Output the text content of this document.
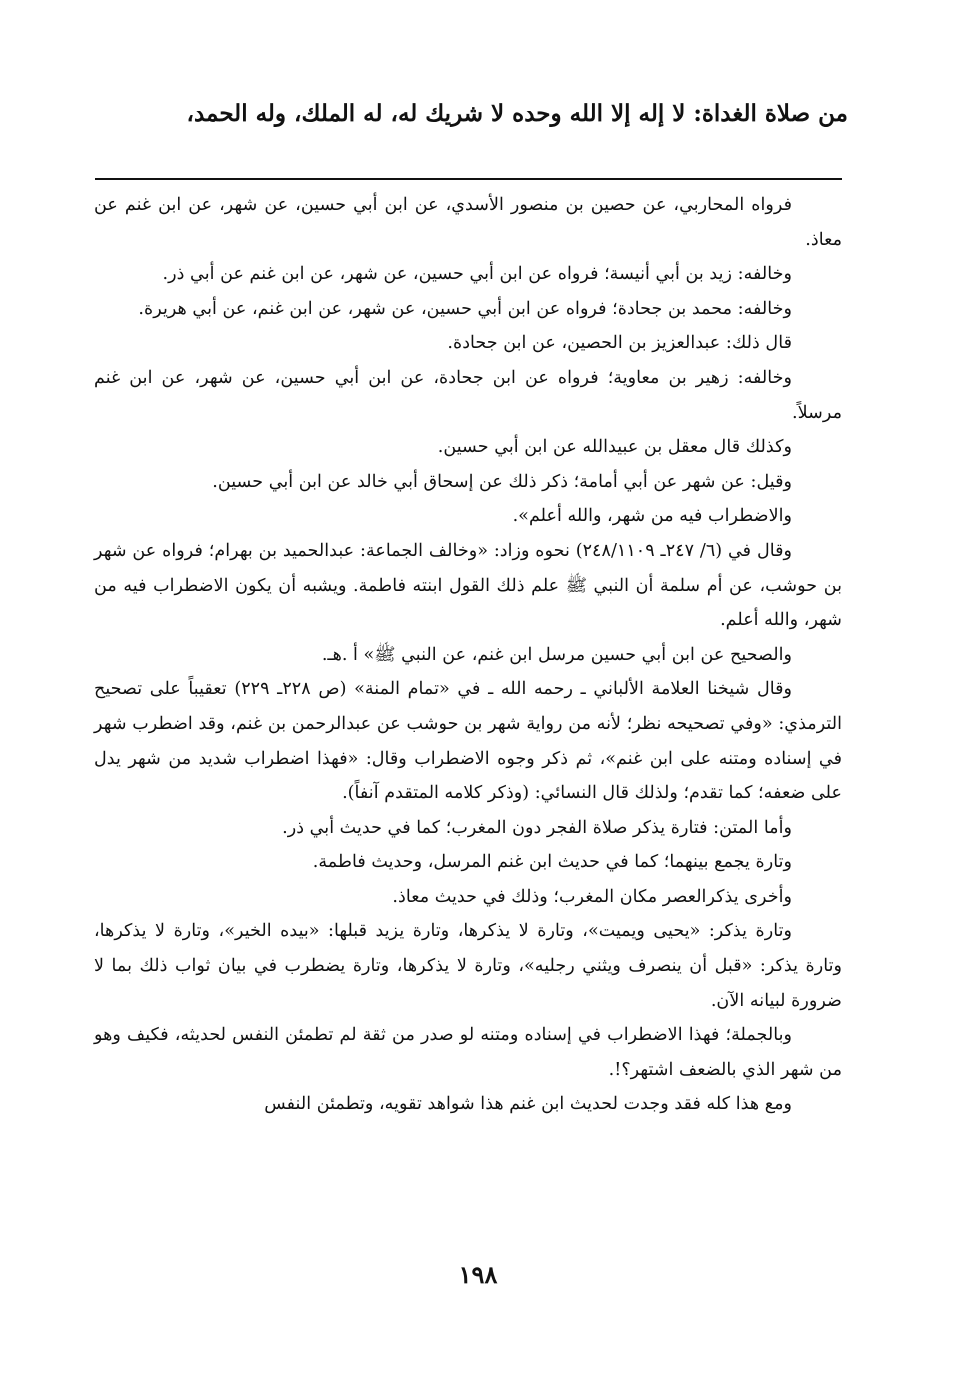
من صلاة الغداة: لا إله إلا الله وحده لا شريك له، له الملك، وله الحمد،

فرواه المحاربي، عن حصين بن منصور الأسدي، عن ابن أبي حسين، عن شهر، عن ابن غنم عن معاذ.

وخالفه: زيد بن أبي أنيسة؛ فرواه عن ابن أبي حسين، عن شهر، عن ابن غنم عن أبي ذر.

وخالفه: محمد بن جحادة؛ فرواه عن ابن أبي حسين، عن شهر، عن ابن غنم، عن أبي هريرة.

قال ذلك: عبدالعزيز بن الحصين، عن ابن جحادة.

وخالفه: زهير بن معاوية؛ فرواه عن ابن جحادة، عن ابن أبي حسين، عن شهر، عن ابن غنم مرسلاً.

وكذلك قال معقل بن عبيدالله عن ابن أبي حسين.

وقيل: عن شهر عن أبي أمامة؛ ذكر ذلك عن إسحاق أبي خالد عن ابن أبي حسين.

والاضطراب فيه من شهر، والله أعلم».

وقال في (٦/ ٢٤٧ـ ٢٤٨/١١٠٩) نحوه وزاد: «وخالف الجماعة: عبدالحميد بن بهرام؛ فرواه عن شهر بن حوشب، عن أم سلمة أن النبي ﷺ علم ذلك القول ابنته فاطمة. ويشبه أن يكون الاضطراب فيه من شهر، والله أعلم.

والصحيح عن ابن أبي حسين مرسل ابن غنم، عن النبي ﷺ» أ .هـ.

وقال شيخنا العلامة الألباني ـ رحمه الله ـ في «تمام المنة» (ص ٢٢٨ـ ٢٢٩) تعقيباً على تصحيح الترمذي: «وفي تصحيحه نظر؛ لأنه من رواية شهر بن حوشب عن عبدالرحمن بن غنم، وقد اضطرب شهر في إسناده ومتنه على ابن غنم»، ثم ذكر وجوه الاضطراب وقال: «فهذا اضطراب شديد من شهر يدل على ضعفه؛ كما تقدم؛ ولذلك قال النسائي: (وذكر كلامه المتقدم آنفاً).

وأما المتن: فتارة يذكر صلاة الفجر دون المغرب؛ كما في حديث أبي ذر.

وتارة يجمع بينهما؛ كما في حديث ابن غنم المرسل، وحديث فاطمة.

وأخرى يذكرالعصر مكان المغرب؛ وذلك في حديث معاذ.

وتارة يذكر: «يحيى ويميت»، وتارة لا يذكرها، وتارة يزيد قبلها: «بيده الخير»، وتارة لا يذكرها، وتارة يذكر: «قبل أن ينصرف ويثني رجليه»، وتارة لا يذكرها، وتارة يضطرب في بيان ثواب ذلك بما لا ضرورة لبيانه الآن.

وبالجملة؛ فهذا الاضطراب في إسناده ومتنه لو صدر من ثقة لم تطمئن النفس لحديثه، فكيف وهو من شهر الذي بالضعف اشتهر؟!.

ومع هذا كله فقد وجدت لحديث ابن غنم هذا شواهد تقويه، وتطمئن النفس

١٩٨
